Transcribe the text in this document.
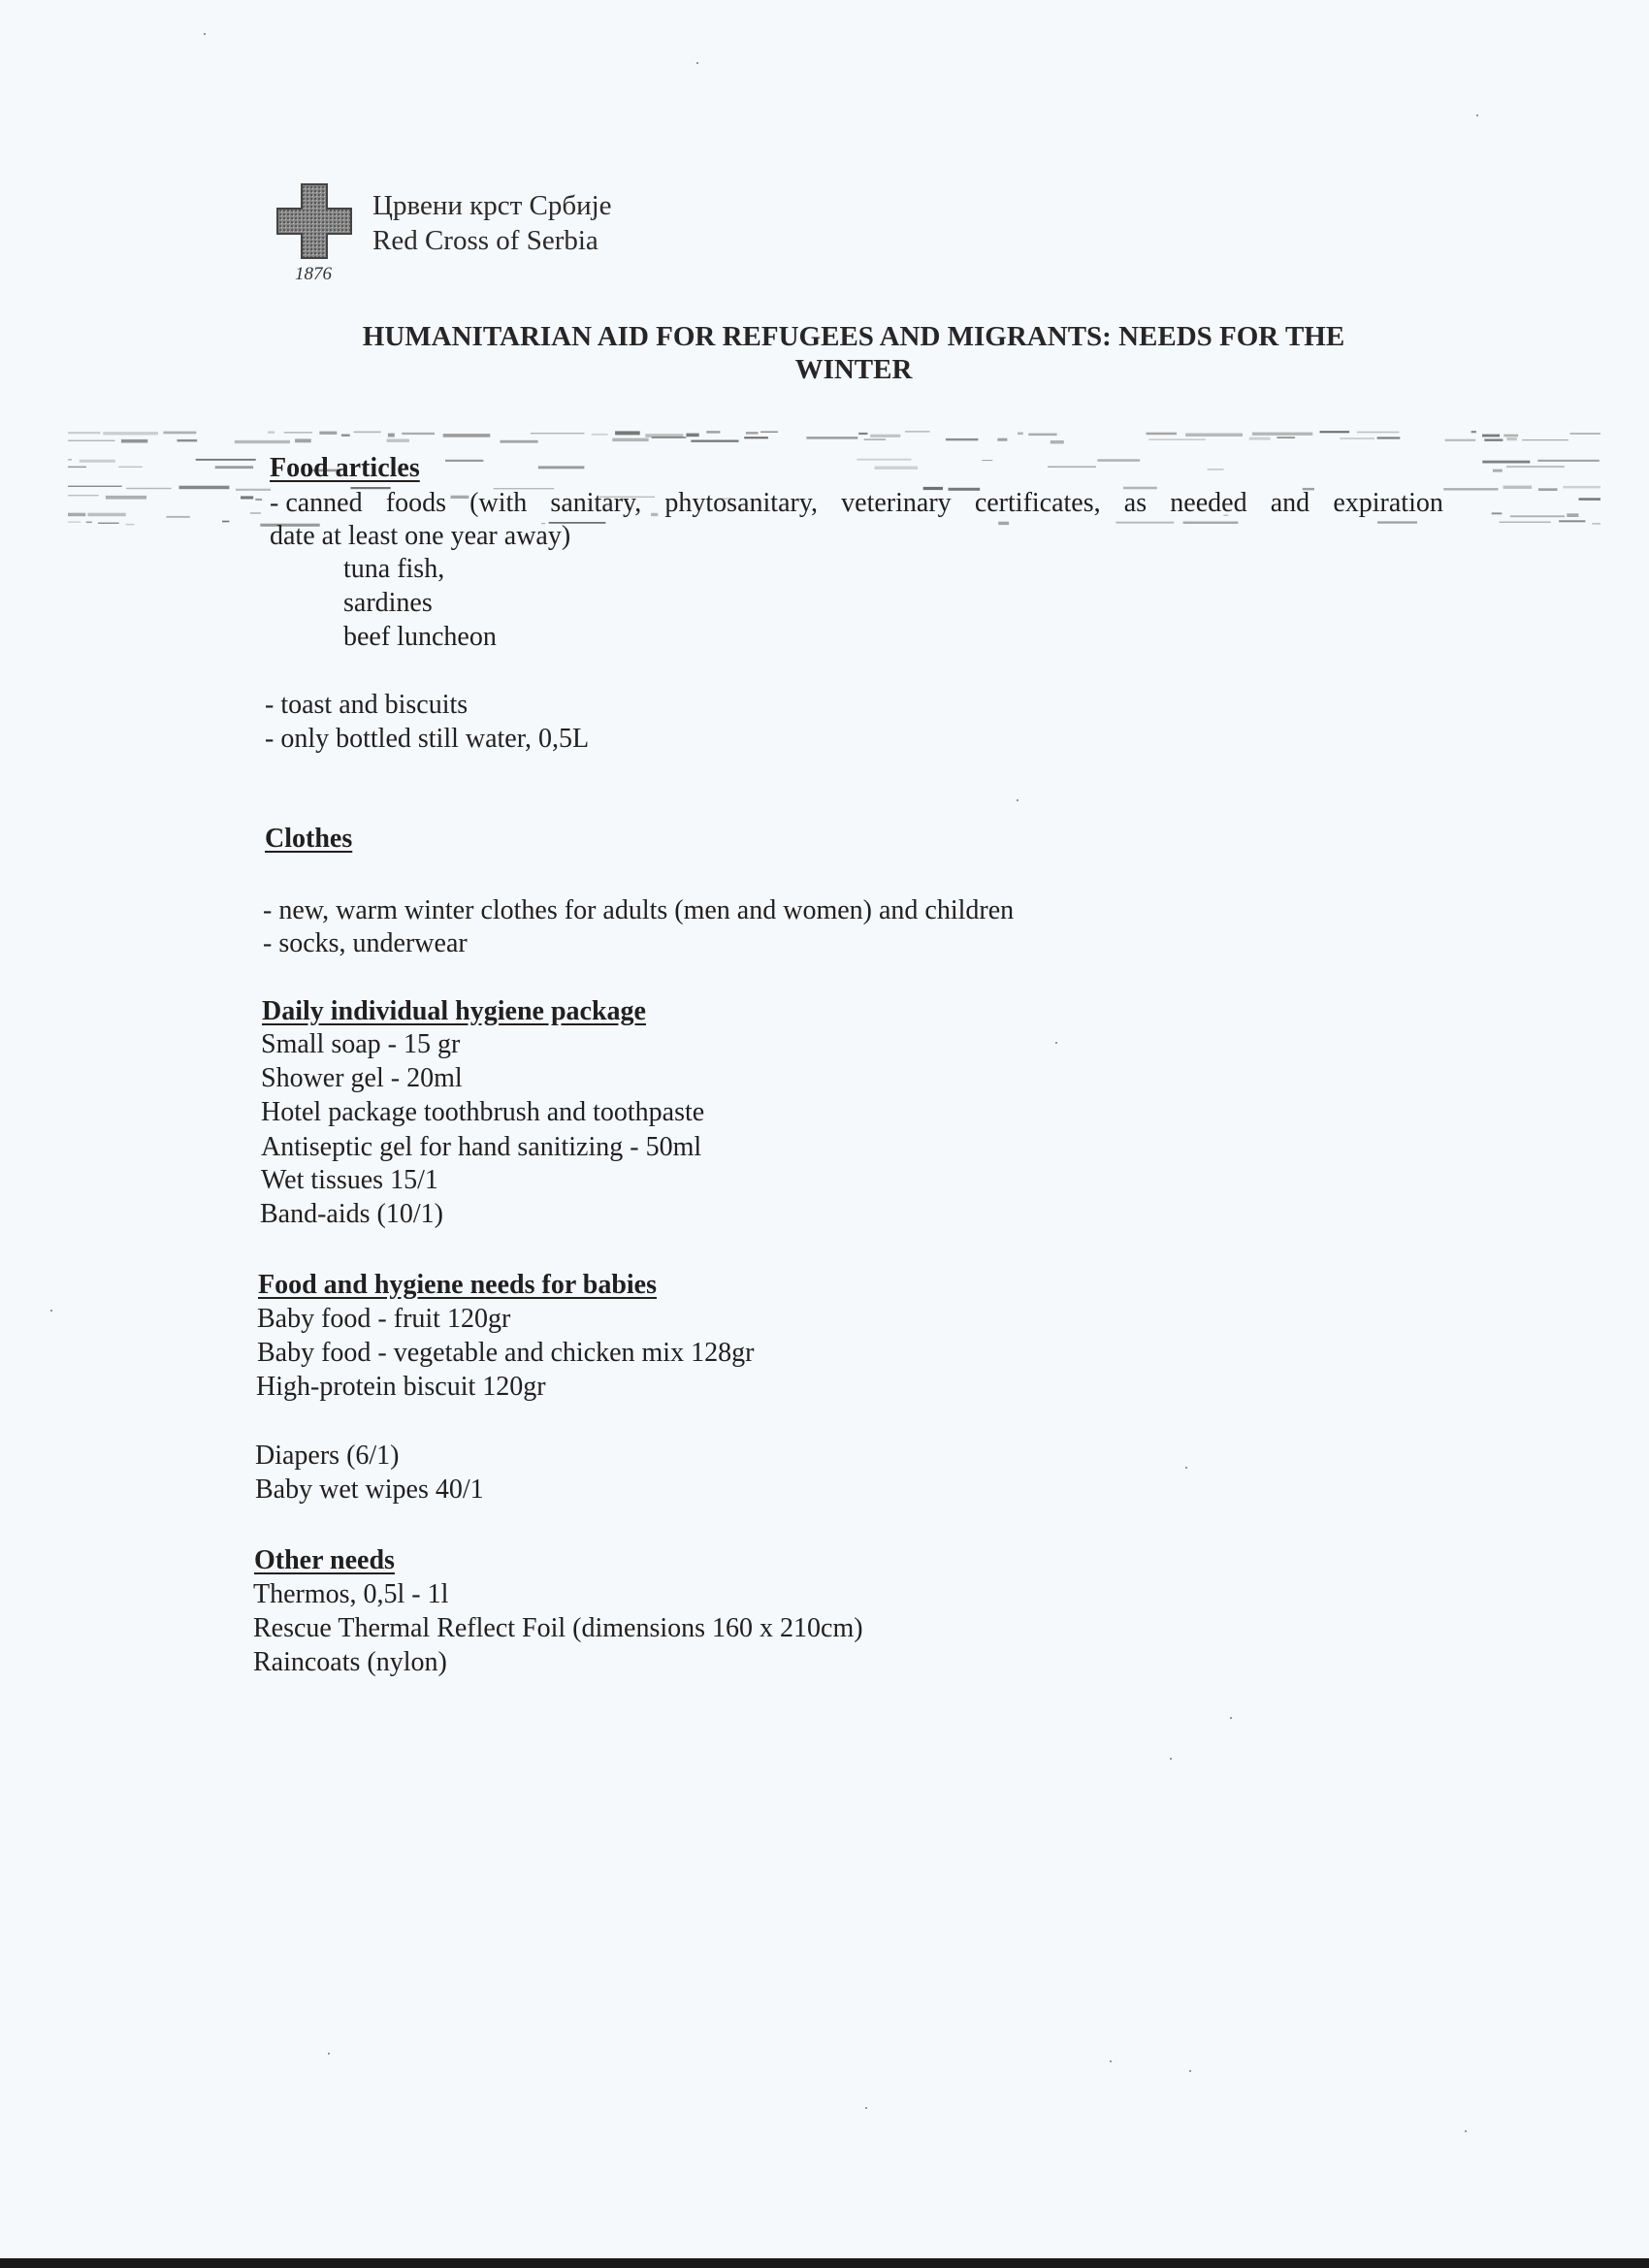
1876
Црвени крст Србије
Red Cross of Serbia
HUMANITARIAN AID FOR REFUGEES AND MIGRANTS: NEEDS FOR THE
WINTER
Food articles
- canned foods (with sanitary, phytosanitary, veterinary certificates, as needed and expiration
date at least one year away)
tuna fish,
sardines
beef luncheon
- toast and biscuits
- only bottled still water, 0,5L
Clothes
- new, warm winter clothes for adults (men and women) and children
- socks, underwear
Daily individual hygiene package
Small soap - 15 gr
Shower gel - 20ml
Hotel package toothbrush and toothpaste
Antiseptic gel for hand sanitizing - 50ml
Wet tissues 15/1
Band-aids (10/1)
Food and hygiene needs for babies
Baby food - fruit 120gr
Baby food - vegetable and chicken mix 128gr
High-protein biscuit 120gr
Diapers (6/1)
Baby wet wipes 40/1
Other needs
Thermos, 0,5l - 1l
Rescue Thermal Reflect Foil (dimensions 160 x 210cm)
Raincoats (nylon)
